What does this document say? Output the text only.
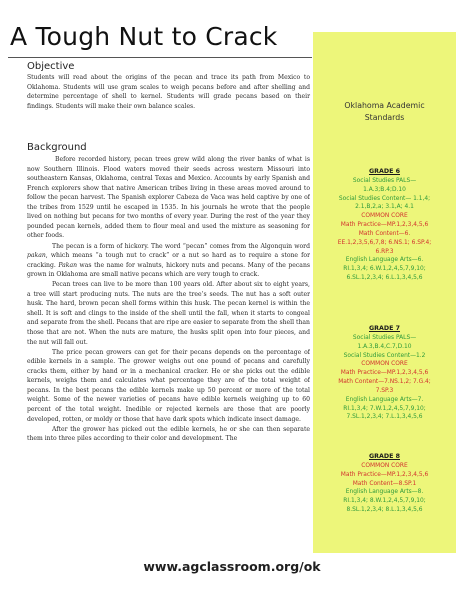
A Tough Nut to Crack
Objective
Students will read about the origins of the pecan and trace its path from Mexico to Oklahoma. Students will use gram scales to weigh pecans before and after shelling and determine percentage of shell to kernel. Students will grade pecans based on their findings. Students will make their own balance scales.
Background

Before recorded history, pecan trees grew wild along the river banks of what is now Southern Illinois. Flood waters moved their seeds across western Missouri into southeastern Kansas, Oklahoma, central Texas and Mexico. Accounts by early Spanish and French explorers show that native American tribes living in these areas moved around to follow the pecan harvest. The Spanish explorer Cabeza de Vaca was held captive by one of the tribes from 1529 until he escaped in 1535. In his journals he wrote that the people lived on nothing but pecans for two months of every year. During the rest of the year they pounded pecan kernels, added them to flour meal and used the mixture as seasoning for other foods.

The pecan is a form of hickory. The word “pecan” comes from the Algonquin word pakan, which means “a tough nut to crack” or a nut so hard as to require a stone for cracking. Pakan was the name for walnuts, hickory nuts and pecans. Many of the pecans grown in Oklahoma are small native pecans which are very tough to crack.

Pecan trees can live to be more than 100 years old. After about six to eight years, a tree will start producing nuts. The nuts are the tree’s seeds. The nut has a soft outer husk. The hard, brown pecan shell forms within this husk. The pecan kernel is within the shell. It is soft and clings to the inside of the shell until the fall, when it starts to congeal and separate from the shell. Pecans that are ripe are easier to separate from the shell than those that are not. When the nuts are mature, the husks split open into four pieces, and the nut will fall out.

The price pecan growers can get for their pecans depends on the percentage of edible kernels in a sample. The grower weighs out one pound of pecans and carefully cracks them, either by hand or in a mechanical cracker. He or she picks out the edible kernels, weighs them and calculates what percentage they are of the total weight of pecans. In the best pecans the edible kernels make up 50 percent or more of the total weight. Some of the newer varieties of pecans have edible kernels weighing up to 60 percent of the total weight. Inedible or rejected kernels are those that are poorly developed, rotten, or moldy or those that have dark spots which indicate insect damage.

After the grower has picked out the edible kernels, he or she can then separate them into three piles according to their color and development. The

Oklahoma Academic
Standards
GRADE 6
Social Studies PALS—
1.A.3;B.4;D.10
Social Studies Content— 1.1,4;
2.1,B,2,a; 3.1,A; 4.1
COMMON CORE
Math Practice—MP.1,2,3,4,5,6
Math Content—6.
EE.1,2,3,5,6,7,8; 6.NS.1; 6.SP.4;
6.RP.3
English Language Arts—6.
RI.1,3,4; 6.W.1,2,4,5,7,9,10;
6.SL.1,2,3,4; 6.L.1,3,4,5,6
GRADE 7
Social Studies PALS—
1.A.3,B.4,C.7,D.10
Social Studies Content—1.2
COMMON CORE
Math Practice—MP.1,2,3,4,5,6
Math Content—7.NS.1,2; 7.G.4;
7.SP.3
English Language Arts—7.
RI.1,3,4; 7.W.1,2,4,5,7,9,10;
7.SL.1,2,3,4; 7.L.1,3,4,5,6
GRADE 8
COMMON CORE
Math Practice—MP.1,2,3,4,5,6
Math Content—8.SP.1
English Language Arts—8.
RI.1,3,4; 8.W.1,2,4,5,7,9,10;
8.SL.1,2,3,4; 8.L.1,3,4,5,6
www.agclassroom.org/ok
